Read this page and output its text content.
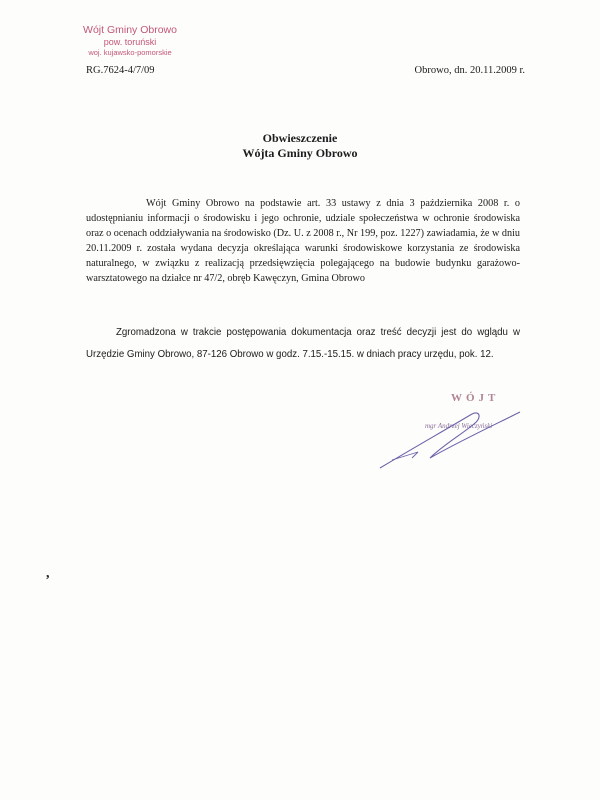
Wójt Gminy Obrowo
pow. toruński
woj. kujawsko-pomorskie
RG.7624-4/7/09	Obrowo, dn. 20.11.2009 r.
Obwieszczenie
Wójta Gminy Obrowo

Wójt Gminy Obrowo na podstawie art. 33 ustawy z dnia 3 października 2008 r. o udostępnianiu informacji o środowisku i jego ochronie, udziale społeczeństwa w ochronie środowiska oraz o ocenach oddziaływania na środowisko (Dz. U. z 2008 r., Nr 199, poz. 1227) zawiadamia, że w dniu 20.11.2009 r. została wydana decyzja określająca warunki środowiskowe korzystania ze środowiska naturalnego, w związku z realizacją przedsięwzięcia polegającego na budowie budynku garażowo-warsztatowego na działce nr 47/2, obręb Kawęczyn, Gmina Obrowo

Zgromadzona w trakcie postępowania dokumentacja oraz treść decyzji jest do wglądu w Urzędzie Gminy Obrowo, 87-126 Obrowo w godz. 7.15.-15.15. w dniach pracy urzędu, pok. 12.

WÓJT
mgr Andrzej Wieczyński
,
